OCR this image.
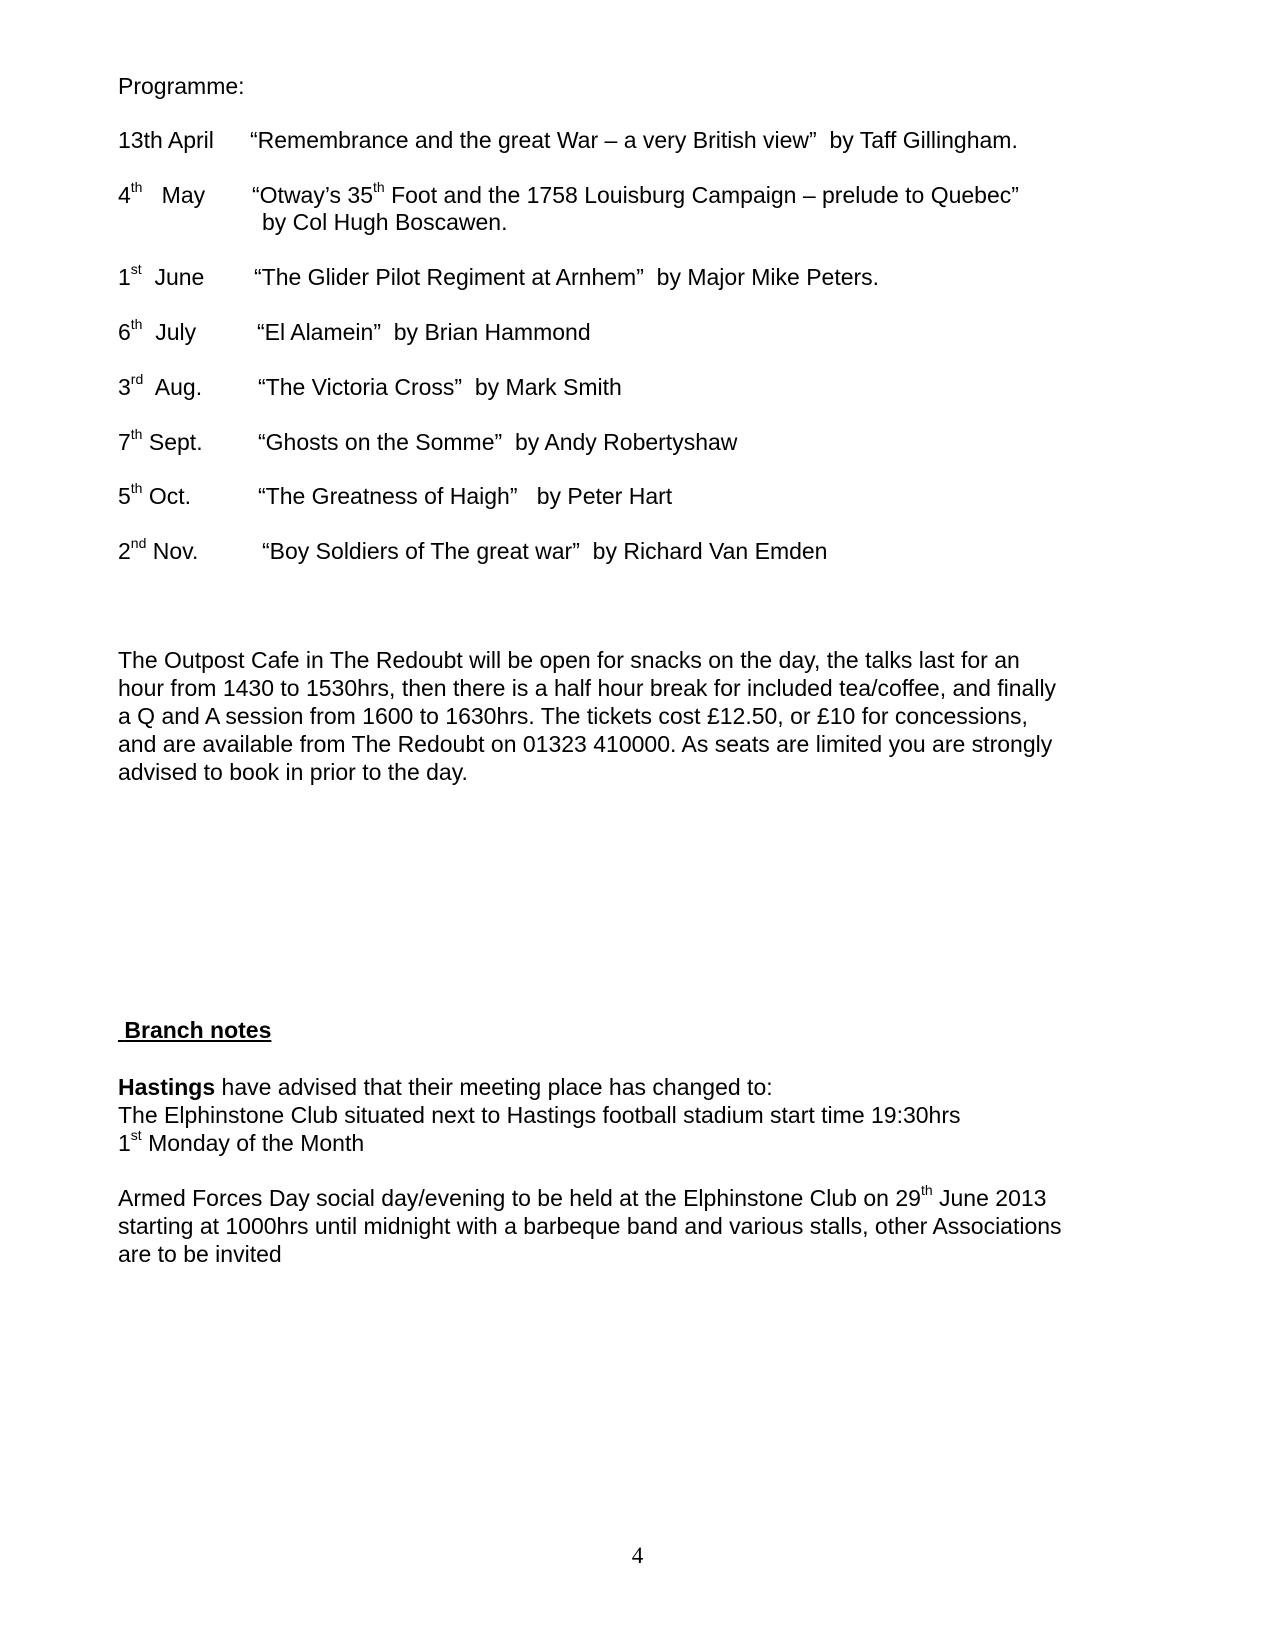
Programme:
13th April “Remembrance and the great War – a very British view” by Taff Gillingham.
4th May “Otway’s 35th Foot and the 1758 Louisburg Campaign – prelude to Quebec”
by Col Hugh Boscawen.
1st June “The Glider Pilot Regiment at Arnhem” by Major Mike Peters.
6th July	“El Alamein” by Brian Hammond
3rd Aug. “The Victoria Cross” by Mark Smith
7th Sept. “Ghosts on the Somme” by Andy Robertyshaw
5th Oct.	“The Greatness of Haigh” by Peter Hart
2nd Nov.	“Boy Soldiers of The great war” by Richard Van Emden
The Outpost Cafe in The Redoubt will be open for snacks on the day, the talks last for an
hour from 1430 to 1530hrs, then there is a half hour break for included tea/coffee, and finally
a Q and A session from 1600 to 1630hrs. The tickets cost £12.50, or £10 for concessions,
and are available from The Redoubt on 01323 410000. As seats are limited you are strongly
advised to book in prior to the day.
Branch notes
Hastings have advised that their meeting place has changed to:
The Elphinstone Club situated next to Hastings football stadium start time 19:30hrs
1st Monday of the Month
Armed Forces Day social day/evening to be held at the Elphinstone Club on 29th June 2013
starting at 1000hrs until midnight with a barbeque band and various stalls, other Associations
are to be invited
4
